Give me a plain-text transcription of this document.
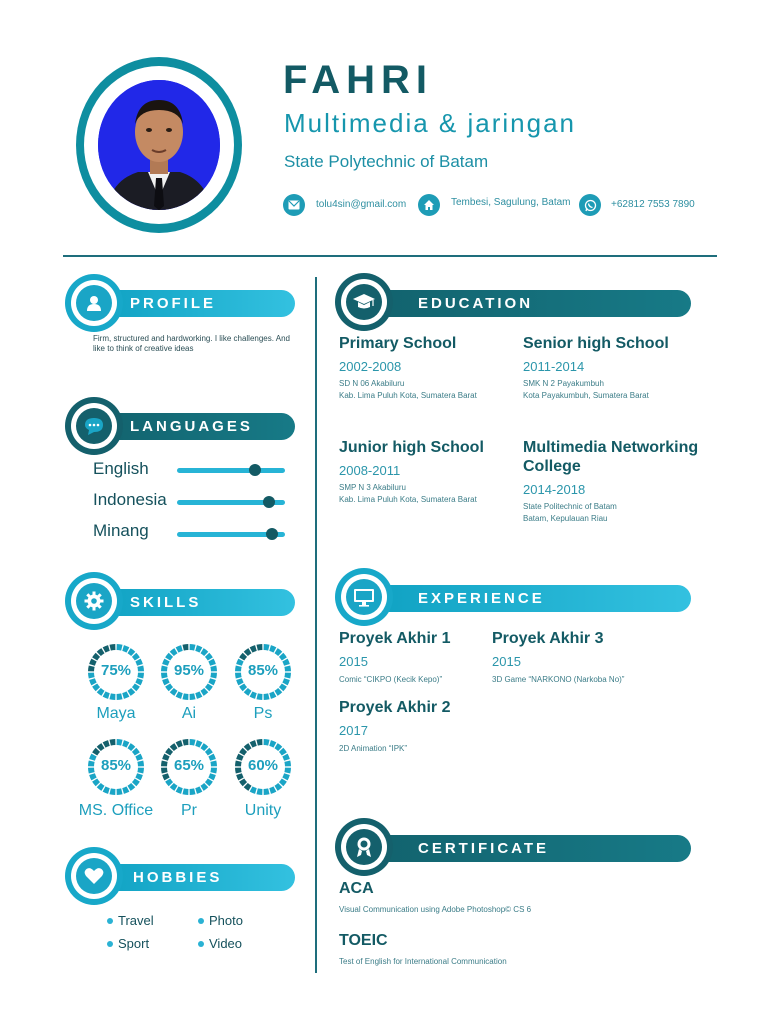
FAHRI
Multimedia & jaringan
State Polytechnic of Batam
tolu4sin@gmail.com	Tembesi, Sagulung, Batam	+62812 7553 7890
PROFILE
Firm, structured and hardworking. I like challenges. And like to think of creative ideas
LANGUAGES
English
Indonesia
Minang
SKILLS
75%
Maya
95%
Ai
85%
Ps
85%
MS. Office
65%
Pr
60%
Unity
HOBBIES
Travel	Photo
Sport	Video
EDUCATION
Primary School
2002-2008
SD N 06 Akabiluru
Kab. Lima Puluh Kota, Sumatera Barat
Senior high School
2011-2014
SMK N 2 Payakumbuh
Kota Payakumbuh, Sumatera Barat
Junior high School
2008-2011
SMP N 3 Akabiluru
Kab. Lima Puluh Kota, Sumatera Barat
Multimedia Networking College
2014-2018
State Politechnic of Batam
Batam, Kepulauan Riau
EXPERIENCE
Proyek Akhir 1
2015
Comic “CIKPO (Kecik Kepo)”
Proyek Akhir 3
2015
3D Game “NARKONO (Narkoba No)”
Proyek Akhir 2
2017
2D Animation “IPK”
CERTIFICATE
ACA
Visual Communication using Adobe Photoshop© CS 6
TOEIC
Test of English for International Communication
